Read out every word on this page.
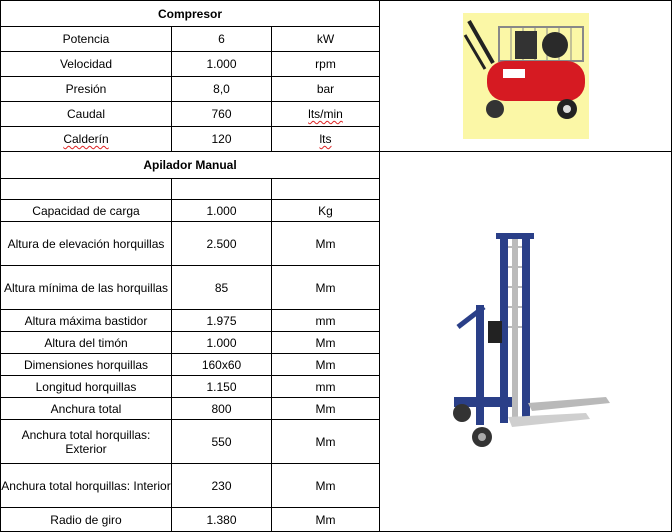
Compresor	

Potencia	6	kW	
Velocidad	1.000	rpm	
Presión	8,0	bar	
Caudal	760	lts/min	
Calderín	120	lts	
Apilador Manual	

Capacidad de carga	1.000	Kg	
Altura de elevación horquillas	2.500	Mm	
Altura mínima de las horquillas	85	Mm	
Altura máxima bastidor	1.975	mm	
Altura del timón	1.000	Mm	
Dimensiones horquillas	160x60	Mm	
Longitud horquillas	1.150	mm	
Anchura total	800	Mm	
Anchura total horquillas: Exterior	550	Mm	
Anchura total horquillas: Interior	230	Mm	
Radio de giro	1.380	Mm	
